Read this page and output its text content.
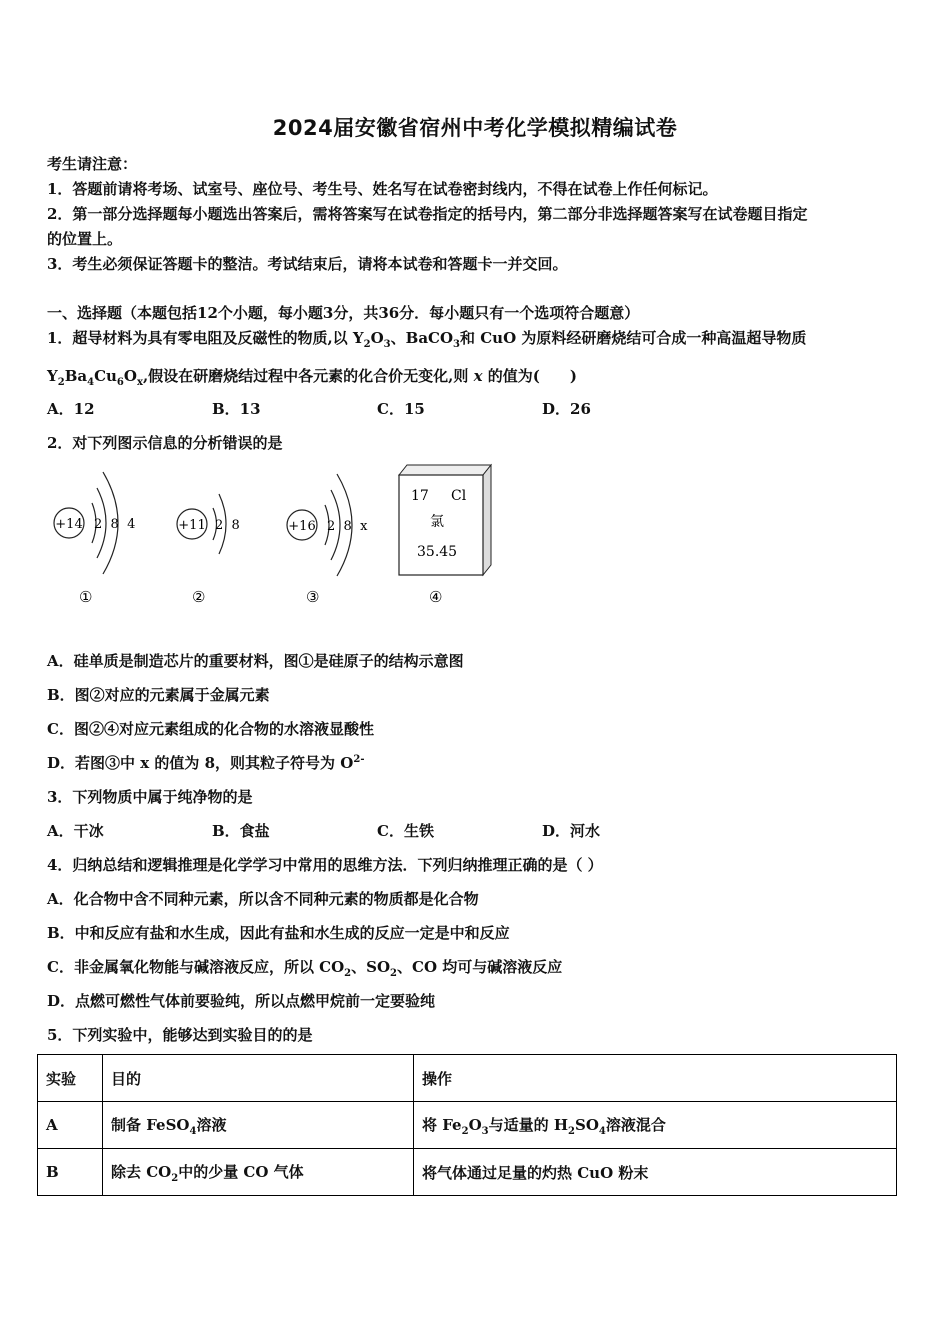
2024届安徽省宿州中考化学模拟精编试卷
考生请注意：
1．答题前请将考场、试室号、座位号、考生号、姓名写在试卷密封线内，不得在试卷上作任何标记。
2．第一部分选择题每小题选出答案后，需将答案写在试卷指定的括号内，第二部分非选择题答案写在试卷题目指定
的位置上。
3．考生必须保证答题卡的整洁。考试结束后，请将本试卷和答题卡一并交回。
一、选择题（本题包括12个小题，每小题3分，共36分．每小题只有一个选项符合题意）
1．超导材料为具有零电阻及反磁性的物质,以 $Y_2O_3$、BaCO$_3$和 CuO 为原料经研磨烧结可合成一种高温超导物质
$Y_2Ba_4Cu_6O_x$,假设在研磨烧结过程中各元素的化合价无变化,则 x 的值为(　　)
A．12	B．13	C．15	D．26
2．对下列图示信息的分析错误的是
+14 2  8  4	+11 2  8	+16 2  8  x
17 Cl
氯
35.45
①	②	③	④
A．硅单质是制造芯片的重要材料，图①是硅原子的结构示意图
B．图②对应的元素属于金属元素
C．图②④对应元素组成的化合物的水溶液显酸性
D．若图③中 x 的值为 8，则其粒子符号为 $O^{2-}$
3．下列物质中属于纯净物的是
A．干冰	B．食盐	C．生铁	D．河水
4．归纳总结和逻辑推理是化学学习中常用的思维方法．下列归纳推理正确的是（ ）
A．化合物中含不同种元素，所以含不同种元素的物质都是化合物
B．中和反应有盐和水生成，因此有盐和水生成的反应一定是中和反应
C．非金属氧化物能与碱溶液反应，所以 $CO_2$、$SO_2$、CO 均可与碱溶液反应
D．点燃可燃性气体前要验纯，所以点燃甲烷前一定要验纯
5．下列实验中，能够达到实验目的的是
实验	目的	操作
A	制备 FeSO$_4$溶液	将 $Fe_2O_3$与适量的 $H_2SO_4$溶液混合
B	除去 $CO_2$中的少量 CO 气体	将气体通过足量的灼热 CuO 粉末
